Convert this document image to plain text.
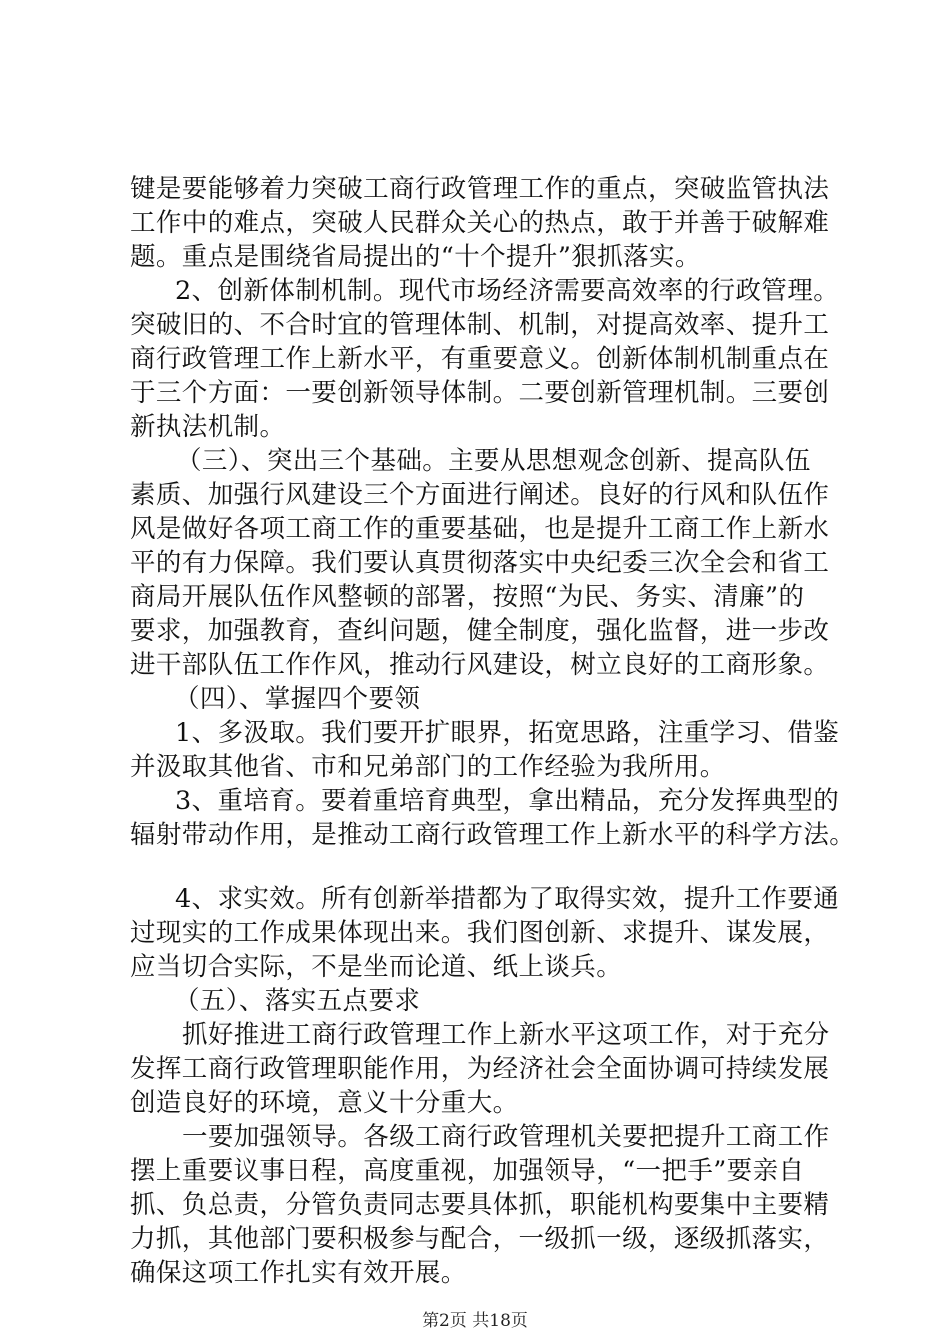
键是要能够着力突破工商行政管理工作的重点，突破监管执法
工作中的难点，突破人民群众关心的热点，敢于并善于破解难
题。重点是围绕省局提出的“十个提升”狠抓落实。
2、创新体制机制。现代市场经济需要高效率的行政管理。
突破旧的、不合时宜的管理体制、机制，对提高效率、提升工
商行政管理工作上新水平，有重要意义。创新体制机制重点在
于三个方面：一要创新领导体制。二要创新管理机制。三要创
新执法机制。
（三）、突出三个基础。主要从思想观念创新、提高队伍
素质、加强行风建设三个方面进行阐述。良好的行风和队伍作
风是做好各项工商工作的重要基础，也是提升工商工作上新水
平的有力保障。我们要认真贯彻落实中央纪委三次全会和省工
商局开展队伍作风整顿的部署，按照“为民、务实、清廉”的
要求，加强教育，查纠问题，健全制度，强化监督，进一步改
进干部队伍工作作风，推动行风建设，树立良好的工商形象。
（四）、掌握四个要领
1、多汲取。我们要开扩眼界，拓宽思路，注重学习、借鉴
并汲取其他省、市和兄弟部门的工作经验为我所用。
3、重培育。要着重培育典型，拿出精品，充分发挥典型的
辐射带动作用，是推动工商行政管理工作上新水平的科学方法。
4、求实效。所有创新举措都为了取得实效，提升工作要通
过现实的工作成果体现出来。我们图创新、求提升、谋发展，
应当切合实际，不是坐而论道、纸上谈兵。
（五）、落实五点要求
抓好推进工商行政管理工作上新水平这项工作，对于充分
发挥工商行政管理职能作用，为经济社会全面协调可持续发展
创造良好的环境，意义十分重大。
一要加强领导。各级工商行政管理机关要把提升工商工作
摆上重要议事日程，高度重视，加强领导，“一把手”要亲自
抓、负总责，分管负责同志要具体抓，职能机构要集中主要精
力抓，其他部门要积极参与配合，一级抓一级，逐级抓落实，
确保这项工作扎实有效开展。
第2页 共18页
